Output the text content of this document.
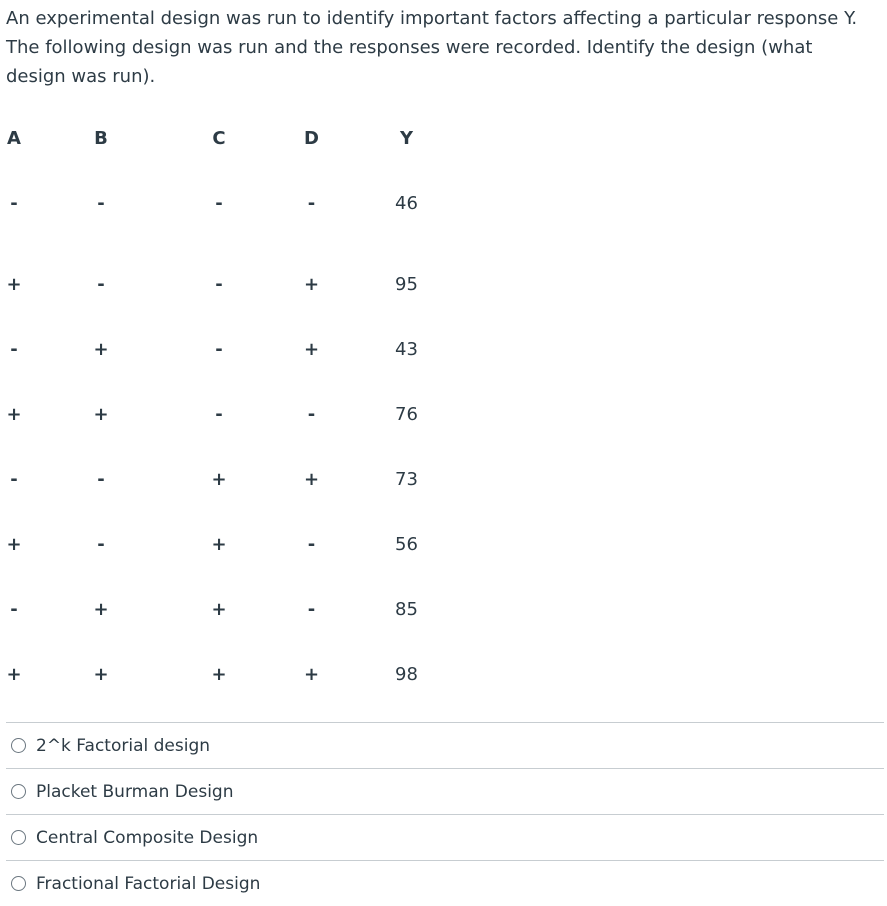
An experimental design was run to identify important factors affecting a particular response Y. The following design was run and the responses were recorded. Identify the design (what design was run).
A	B	C	D	Y
-	-	-	-	46
+	-	-	+	95
-	+	-	+	43
+	+	-	-	76
-	-	+	+	73
+	-	+	-	56
-	+	+	-	85
+	+	+	+	98
2^k Factorial design
Placket Burman Design
Central Composite Design
Fractional Factorial Design
